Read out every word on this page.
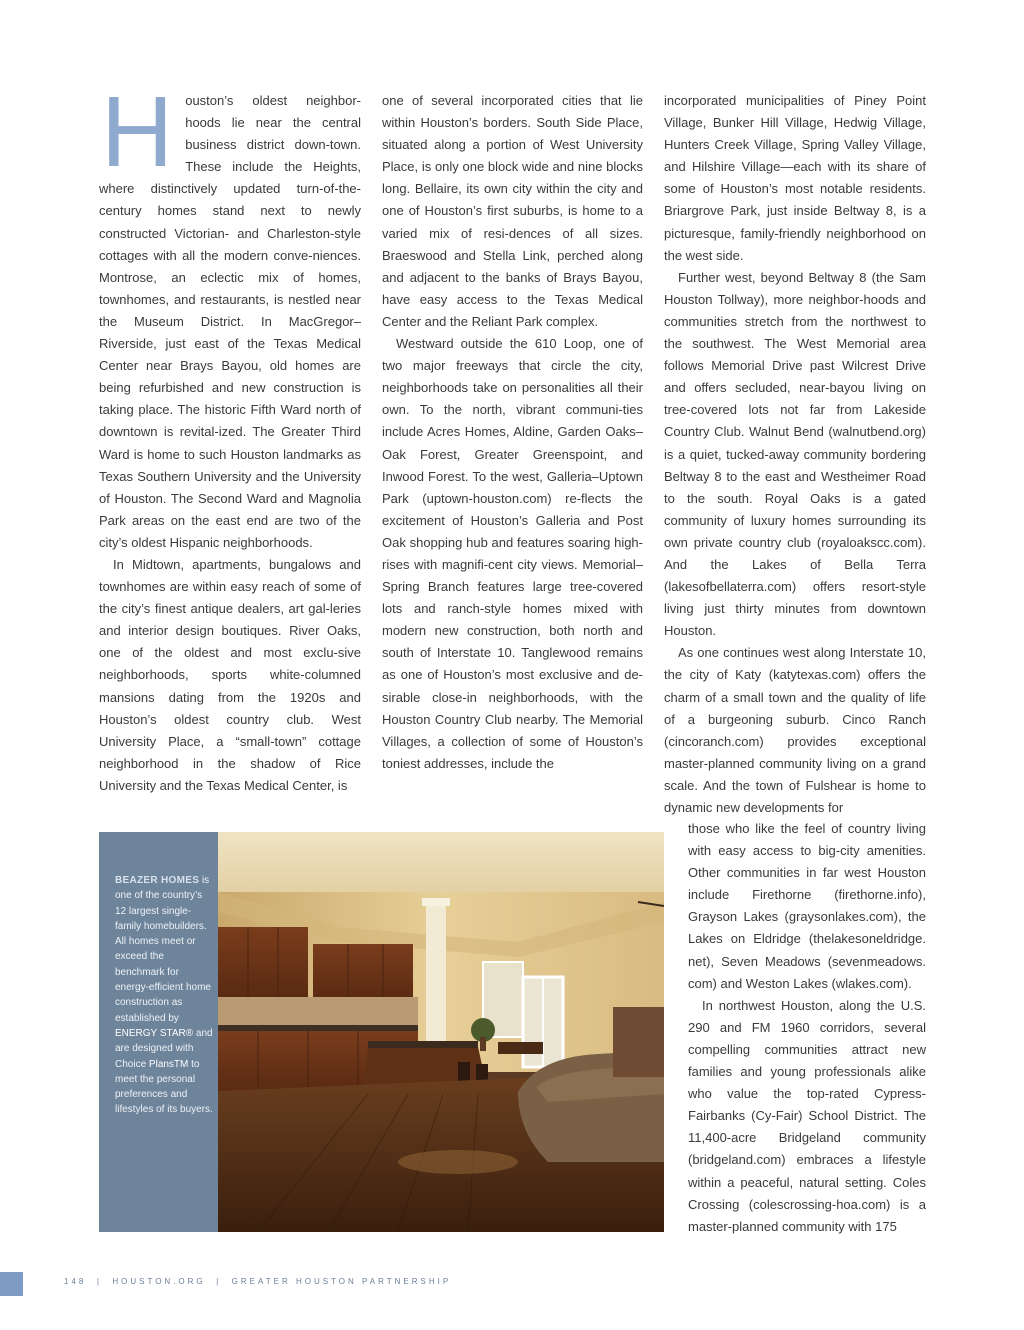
H ouston’s oldest neighbor-hoods lie near the central business district down-town. These include the Heights, where distinctively updated turn-of-the-century homes stand next to newly constructed Victorian- and Charleston-style cottages with all the modern conve-niences. Montrose, an eclectic mix of homes, townhomes, and restaurants, is nestled near the Museum District. In MacGregor–Riverside, just east of the Texas Medical Center near Brays Bayou, old homes are being refurbished and new construction is taking place. The historic Fifth Ward north of downtown is revital-ized. The Greater Third Ward is home to such Houston landmarks as Texas Southern University and the University of Houston. The Second Ward and Magnolia Park areas on the east end are two of the city’s oldest Hispanic neighborhoods.

In Midtown, apartments, bungalows and townhomes are within easy reach of some of the city’s finest antique dealers, art gal-leries and interior design boutiques. River Oaks, one of the oldest and most exclu-sive neighborhoods, sports white-columned mansions dating from the 1920s and Houston’s oldest country club. West University Place, a “small-town” cottage neighborhood in the shadow of Rice University and the Texas Medical Center, is

one of several incorporated cities that lie within Houston’s borders. South Side Place, situated along a portion of West University Place, is only one block wide and nine blocks long. Bellaire, its own city within the city and one of Houston’s first suburbs, is home to a varied mix of resi-dences of all sizes. Braeswood and Stella Link, perched along and adjacent to the banks of Brays Bayou, have easy access to the Texas Medical Center and the Reliant Park complex.

Westward outside the 610 Loop, one of two major freeways that circle the city, neighborhoods take on personalities all their own. To the north, vibrant communi-ties include Acres Homes, Aldine, Garden Oaks–Oak Forest, Greater Greenspoint, and Inwood Forest. To the west, Galleria–Uptown Park (uptown-houston.com) re-flects the excitement of Houston’s Galleria and Post Oak shopping hub and features soaring high-rises with magnifi-cent city views. Memorial–Spring Branch features large tree-covered lots and ranch-style homes mixed with modern new construction, both north and south of Interstate 10. Tanglewood remains as one of Houston’s most exclusive and de-sirable close-in neighborhoods, with the Houston Country Club nearby. The Memorial Villages, a collection of some of Houston’s toniest addresses, include the

incorporated municipalities of Piney Point Village, Bunker Hill Village, Hedwig Village, Hunters Creek Village, Spring Valley Village, and Hilshire Village—each with its share of some of Houston’s most notable residents. Briargrove Park, just inside Beltway 8, is a picturesque, family-friendly neighborhood on the west side.

Further west, beyond Beltway 8 (the Sam Houston Tollway), more neighbor-hoods and communities stretch from the northwest to the southwest. The West Memorial area follows Memorial Drive past Wilcrest Drive and offers secluded, near-bayou living on tree-covered lots not far from Lakeside Country Club. Walnut Bend (walnutbend.org) is a quiet, tucked-away community bordering Beltway 8 to the east and Westheimer Road to the south. Royal Oaks is a gated community of luxury homes surrounding its own private country club (royaloakscc.com). And the Lakes of Bella Terra (lakesofbellaterra.com) offers resort-style living just thirty minutes from downtown Houston.

As one continues west along Interstate 10, the city of Katy (katytexas.com) offers the charm of a small town and the quality of life of a burgeoning suburb. Cinco Ranch (cincoranch.com) provides exceptional master-planned community living on a grand scale. And the town of Fulshear is home to dynamic new developments for

those who like the feel of country living with easy access to big-city amenities. Other communities in far west Houston include Firethorne (firethorne.info), Grayson Lakes (graysonlakes.com), the Lakes on Eldridge (thelakesoneldridge. net), Seven Meadows (sevenmeadows. com) and Weston Lakes (wlakes.com).

In northwest Houston, along the U.S. 290 and FM 1960 corridors, several compelling communities attract new families and young professionals alike who value the top-rated Cypress-Fairbanks (Cy-Fair) School District. The 11,400-acre Bridgeland community (bridgeland.com) embraces a lifestyle within a peaceful, natural setting. Coles Crossing (colescrossing-hoa.com) is a master-planned community with 175

BEAZER HOMES is one of the country’s 12 largest single-family homebuilders. All homes meet or exceed the benchmark for energy-efficient home construction as established by ENERGY STAR® and are designed with Choice PlansTM to meet the personal preferences and lifestyles of its buyers.
148 | HOUSTON.ORG | GREATER HOUSTON PARTNERSHIP
